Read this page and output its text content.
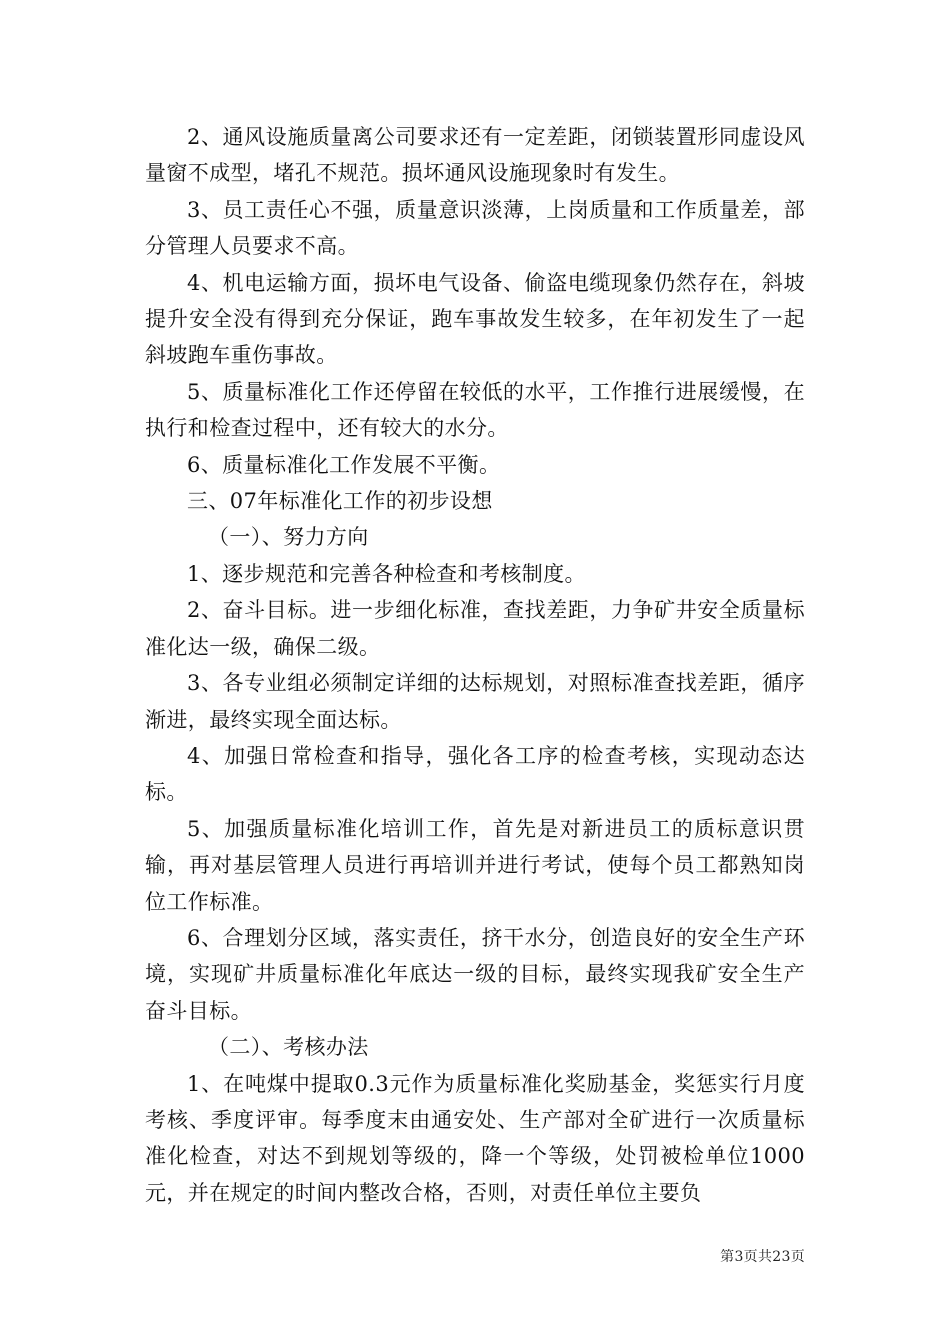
2、通风设施质量离公司要求还有一定差距，闭锁装置形同虚设风量窗不成型，堵孔不规范。损坏通风设施现象时有发生。

3、员工责任心不强，质量意识淡薄，上岗质量和工作质量差，部分管理人员要求不高。

4、机电运输方面，损坏电气设备、偷盗电缆现象仍然存在，斜坡提升安全没有得到充分保证，跑车事故发生较多，在年初发生了一起斜坡跑车重伤事故。

5、质量标准化工作还停留在较低的水平，工作推行进展缓慢，在执行和检查过程中，还有较大的水分。

6、质量标准化工作发展不平衡。

三、07年标准化工作的初步设想

（一）、努力方向

1、逐步规范和完善各种检查和考核制度。

2、奋斗目标。进一步细化标准，查找差距，力争矿井安全质量标准化达一级，确保二级。

3、各专业组必须制定详细的达标规划，对照标准查找差距，循序渐进，最终实现全面达标。

4、加强日常检查和指导，强化各工序的检查考核，实现动态达标。

5、加强质量标准化培训工作，首先是对新进员工的质标意识贯输，再对基层管理人员进行再培训并进行考试，使每个员工都熟知岗位工作标准。

6、合理划分区域，落实责任，挤干水分，创造良好的安全生产环境，实现矿井质量标准化年底达一级的目标，最终实现我矿安全生产奋斗目标。

（二）、考核办法

1、在吨煤中提取0.3元作为质量标准化奖励基金，奖惩实行月度考核、季度评审。每季度末由通安处、生产部对全矿进行一次质量标准化检查，对达不到规划等级的，降一个等级，处罚被检单位1000元，并在规定的时间内整改合格，否则，对责任单位主要负

第3页共23页
